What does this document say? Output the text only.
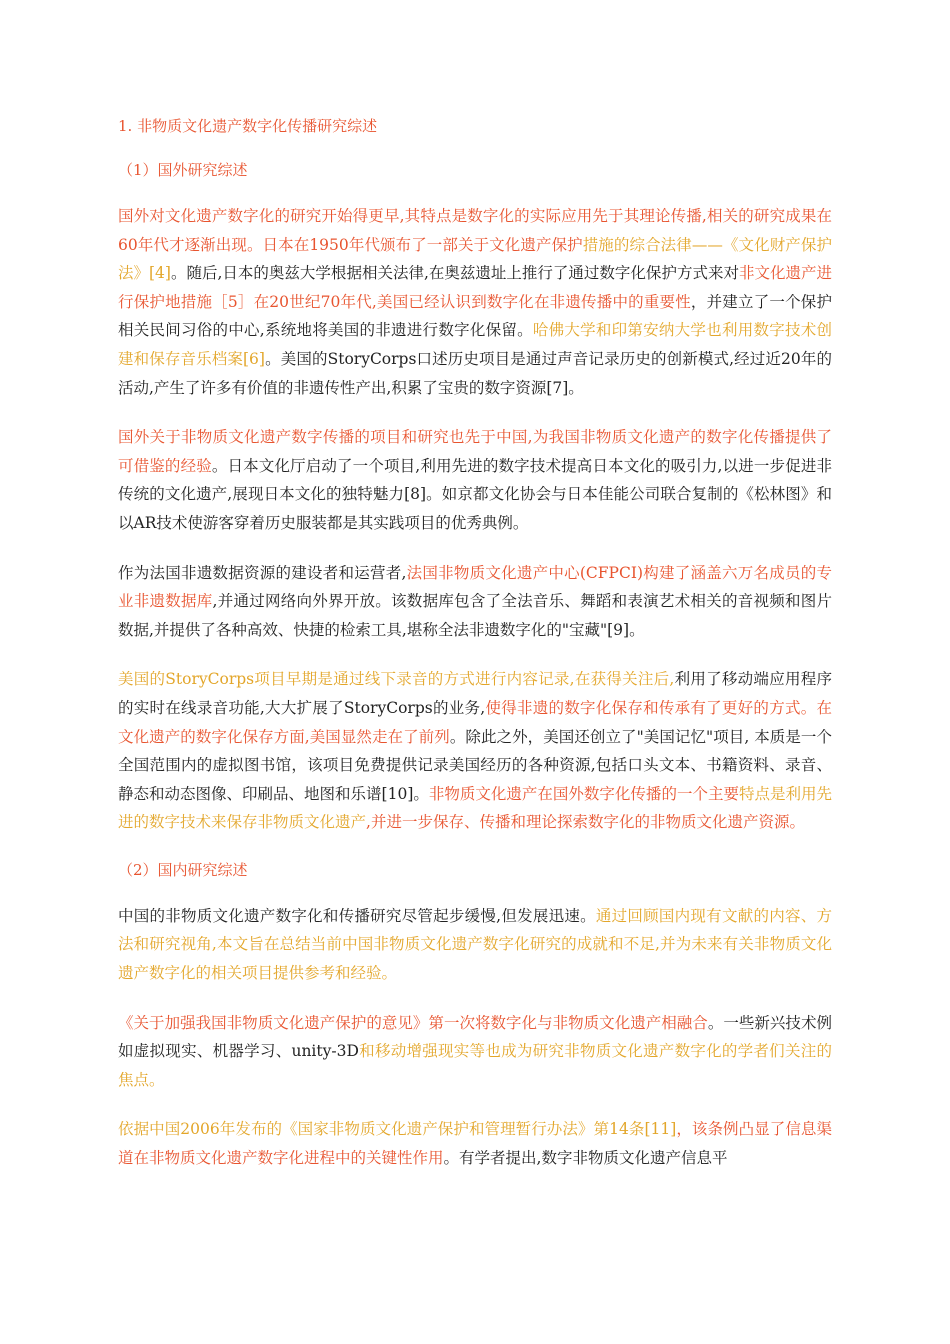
1. 非物质文化遗产数字化传播研究综述
（1）国外研究综述

国外对文化遗产数字化的研究开始得更早,其特点是数字化的实际应用先于其理论传播,相关的研究成果在60年代才逐渐出现。日本在1950年代颁布了一部关于文化遗产保护措施的综合法律——《文化财产保护法》[4]。随后,日本的奥兹大学根据相关法律,在奥兹遗址上推行了通过数字化保护方式来对非文化遗产进行保护地措施［5］在20世纪70年代,美国已经认识到数字化在非遗传播中的重要性，并建立了一个保护相关民间习俗的中心,系统地将美国的非遗进行数字化保留。哈佛大学和印第安纳大学也利用数字技术创建和保存音乐档案[6]。美国的StoryCorps口述历史项目是通过声音记录历史的创新模式,经过近20年的活动,产生了许多有价值的非遗传性产出,积累了宝贵的数字资源[7]。

国外关于非物质文化遗产数字传播的项目和研究也先于中国,为我国非物质文化遗产的数字化传播提供了可借鉴的经验。日本文化厅启动了一个项目,利用先进的数字技术提高日本文化的吸引力,以进一步促进非传统的文化遗产,展现日本文化的独特魅力[8]。如京都文化协会与日本佳能公司联合复制的《松林图》和以AR技术使游客穿着历史服装都是其实践项目的优秀典例。

作为法国非遗数据资源的建设者和运营者,法国非物质文化遗产中心(CFPCI)构建了涵盖六万名成员的专业非遗数据库,并通过网络向外界开放。该数据库包含了全法音乐、舞蹈和表演艺术相关的音视频和图片数据,并提供了各种高效、快捷的检索工具,堪称全法非遗数字化的"宝藏"[9]。

美国的StoryCorps项目早期是通过线下录音的方式进行内容记录,在获得关注后,利用了移动端应用程序的实时在线录音功能,大大扩展了StoryCorps的业务,使得非遗的数字化保存和传承有了更好的方式。在文化遗产的数字化保存方面,美国显然走在了前列。除此之外，美国还创立了"美国记忆"项目, 本质是一个全国范围内的虚拟图书馆，该项目免费提供记录美国经历的各种资源,包括口头文本、书籍资料、录音、静态和动态图像、印刷品、地图和乐谱[10]。非物质文化遗产在国外数字化传播的一个主要特点是利用先进的数字技术来保存非物质文化遗产,并进一步保存、传播和理论探索数字化的非物质文化遗产资源。

（2）国内研究综述

中国的非物质文化遗产数字化和传播研究尽管起步缓慢,但发展迅速。通过回顾国内现有文献的内容、方法和研究视角,本文旨在总结当前中国非物质文化遗产数字化研究的成就和不足,并为未来有关非物质文化遗产数字化的相关项目提供参考和经验。

《关于加强我国非物质文化遗产保护的意见》第一次将数字化与非物质文化遗产相融合。一些新兴技术例如虚拟现实、机器学习、unity-3D和移动增强现实等也成为研究非物质文化遗产数字化的学者们关注的焦点。

依据中国2006年发布的《国家非物质文化遗产保护和管理暂行办法》第14条[11]，该条例凸显了信息渠道在非物质文化遗产数字化进程中的关键性作用。有学者提出,数字非物质文化遗产信息平
